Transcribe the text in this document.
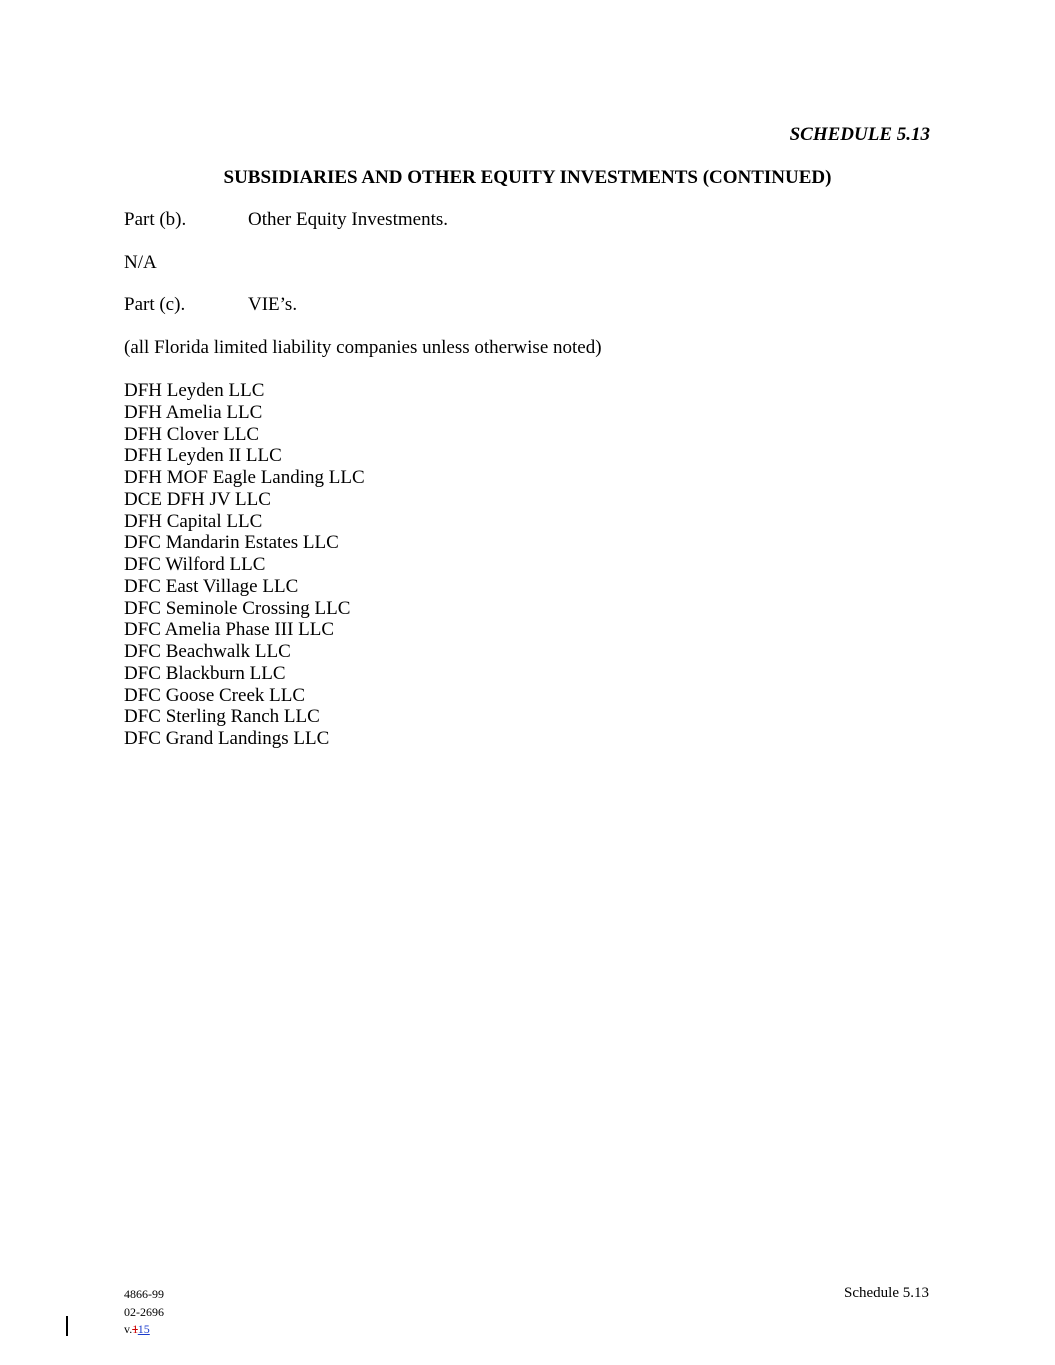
SCHEDULE 5.13
SUBSIDIARIES AND OTHER EQUITY INVESTMENTS (CONTINUED)
Part (b).	Other Equity Investments.
N/A
Part (c).	VIE’s.
(all Florida limited liability companies unless otherwise noted)
DFH Leyden LLC
DFH Amelia LLC
DFH Clover LLC
DFH Leyden II LLC
DFH MOF Eagle Landing LLC
DCE DFH JV LLC
DFH Capital LLC
DFC Mandarin Estates LLC
DFC Wilford LLC
DFC East Village LLC
DFC Seminole Crossing LLC
DFC Amelia Phase III LLC
DFC Beachwalk LLC
DFC Blackburn LLC
DFC Goose Creek LLC
DFC Sterling Ranch LLC
DFC Grand Landings LLC
4866-99
02-2696
v.115
Schedule 5.13
